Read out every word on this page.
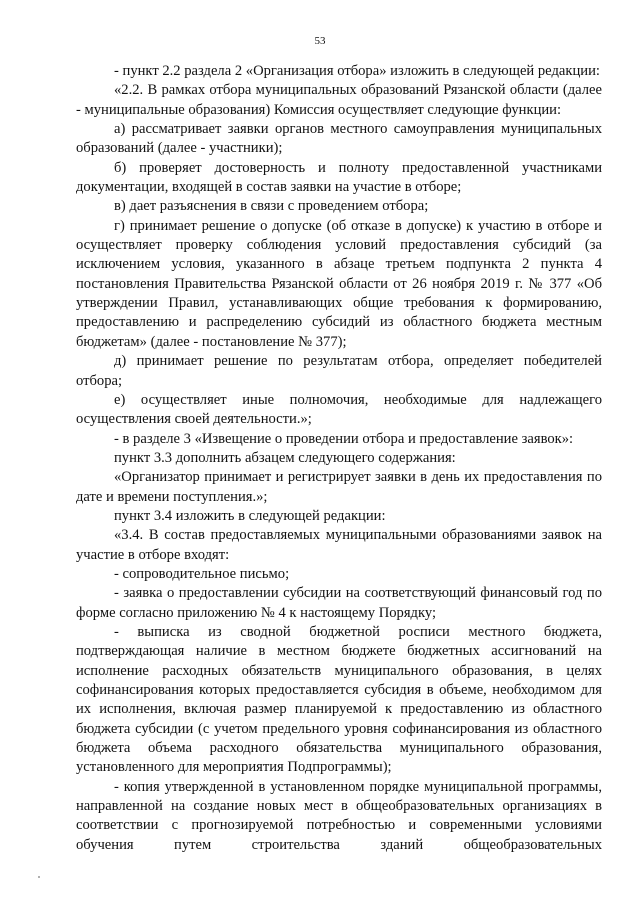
53

- пункт 2.2 раздела 2 «Организация отбора» изложить в следующей редакции:

«2.2. В рамках отбора муниципальных образований Рязанской области (далее - муниципальные образования) Комиссия осуществляет следующие функции:

а) рассматривает заявки органов местного самоуправления муниципальных образований (далее - участники);

б) проверяет достоверность и полноту предоставленной участниками документации, входящей в состав заявки на участие в отборе;

в) дает разъяснения в связи с проведением отбора;

г) принимает решение о допуске (об отказе в допуске) к участию в отборе и осуществляет проверку соблюдения условий предоставления субсидий (за исключением условия, указанного в абзаце третьем подпункта 2 пункта 4 постановления Правительства Рязанской области от 26 ноября 2019 г. № 377 «Об утверждении Правил, устанавливающих общие требования к формированию, предоставлению и распределению субсидий из областного бюджета местным бюджетам» (далее - постановление № 377);

д) принимает решение по результатам отбора, определяет победителей отбора;

е) осуществляет иные полномочия, необходимые для надлежащего осуществления своей деятельности.»;

- в разделе 3 «Извещение о проведении отбора и предоставление заявок»:

пункт 3.3 дополнить абзацем следующего содержания:

«Организатор принимает и регистрирует заявки в день их предоставления по дате и времени поступления.»;

пункт 3.4 изложить в следующей редакции:

«3.4. В состав предоставляемых муниципальными образованиями заявок на участие в отборе входят:

- сопроводительное письмо;

- заявка о предоставлении субсидии на соответствующий финансовый год по форме согласно приложению № 4 к настоящему Порядку;

- выписка из сводной бюджетной росписи местного бюджета, подтверждающая наличие в местном бюджете бюджетных ассигнований на исполнение расходных обязательств муниципального образования, в целях софинансирования которых предоставляется субсидия в объеме, необходимом для их исполнения, включая размер планируемой к предоставлению из областного бюджета субсидии (с учетом предельного уровня софинансирования из областного бюджета объема расходного обязательства муниципального образования, установленного для мероприятия Подпрограммы);

- копия утвержденной в установленном порядке муниципальной программы, направленной на создание новых мест в общеобразовательных организациях в соответствии с прогнозируемой потребностью и современными условиями обучения путем строительства зданий общеобразовательных
